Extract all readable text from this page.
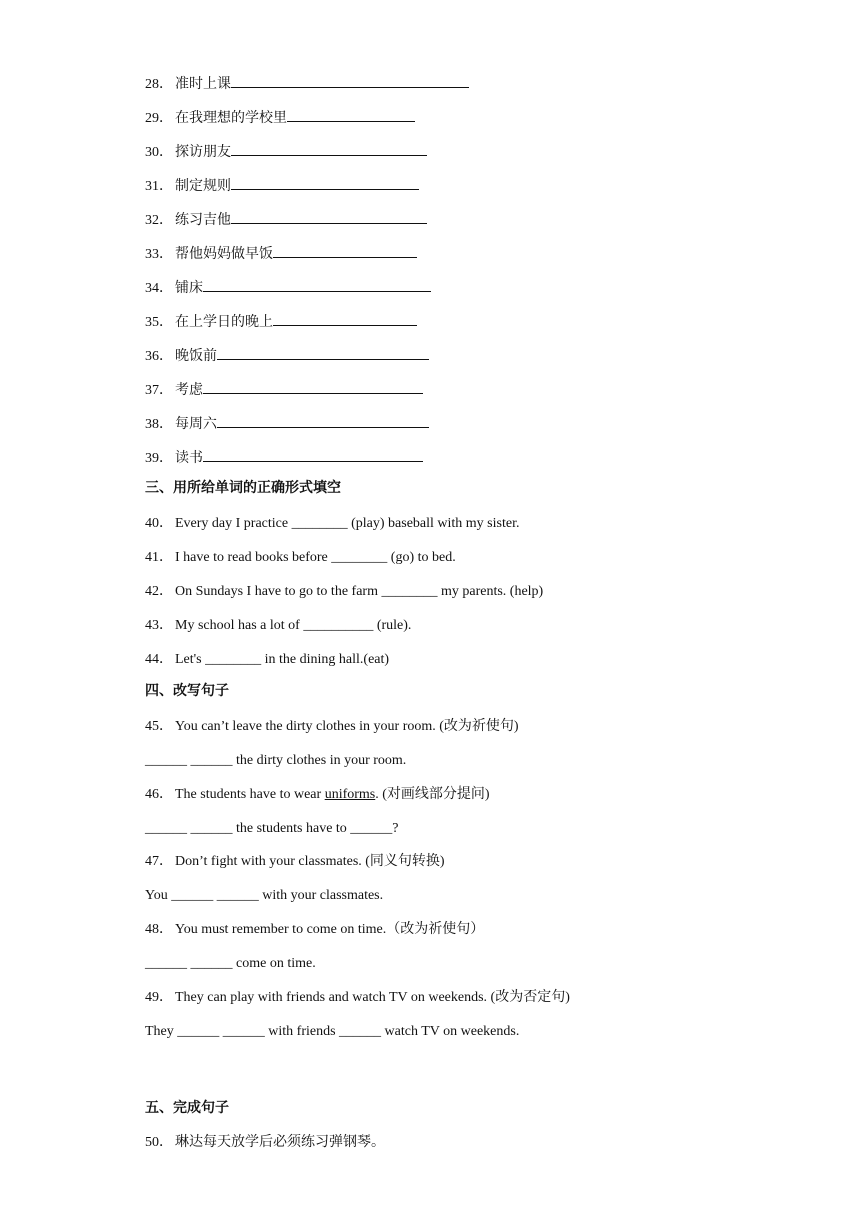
28． 准时上课
29． 在我理想的学校里
30． 探访朋友
31． 制定规则
32． 练习吉他
33． 帮他妈妈做早饭
34． 铺床
35． 在上学日的晚上
36． 晚饭前
37． 考虑
38． 每周六
39． 读书
三、用所给单词的正确形式填空
40． Every day I practice ________ (play) baseball with my sister.
41． I have to read books before ________ (go) to bed.
42． On Sundays I have to go to the farm ________ my parents. (help)
43． My school has a lot of __________ (rule).
44． Let's ________ in the dining hall.(eat)
四、改写句子
45． You can’t leave the dirty clothes in your room. (改为祈使句)
______ ______ the dirty clothes in your room.
46． The students have to wear uniforms. (对画线部分提问)
______ ______ the students have to ______?
47． Don’t fight with your classmates. (同义句转换)
You ______ ______ with your classmates.
48． You must remember to come on time.（改为祈使句）
______ ______ come on time.
49． They can play with friends and watch TV on weekends. (改为否定句)
They ______ ______ with friends ______ watch TV on weekends.
五、完成句子
50． 琳达每天放学后必须练习弹钢琴。
